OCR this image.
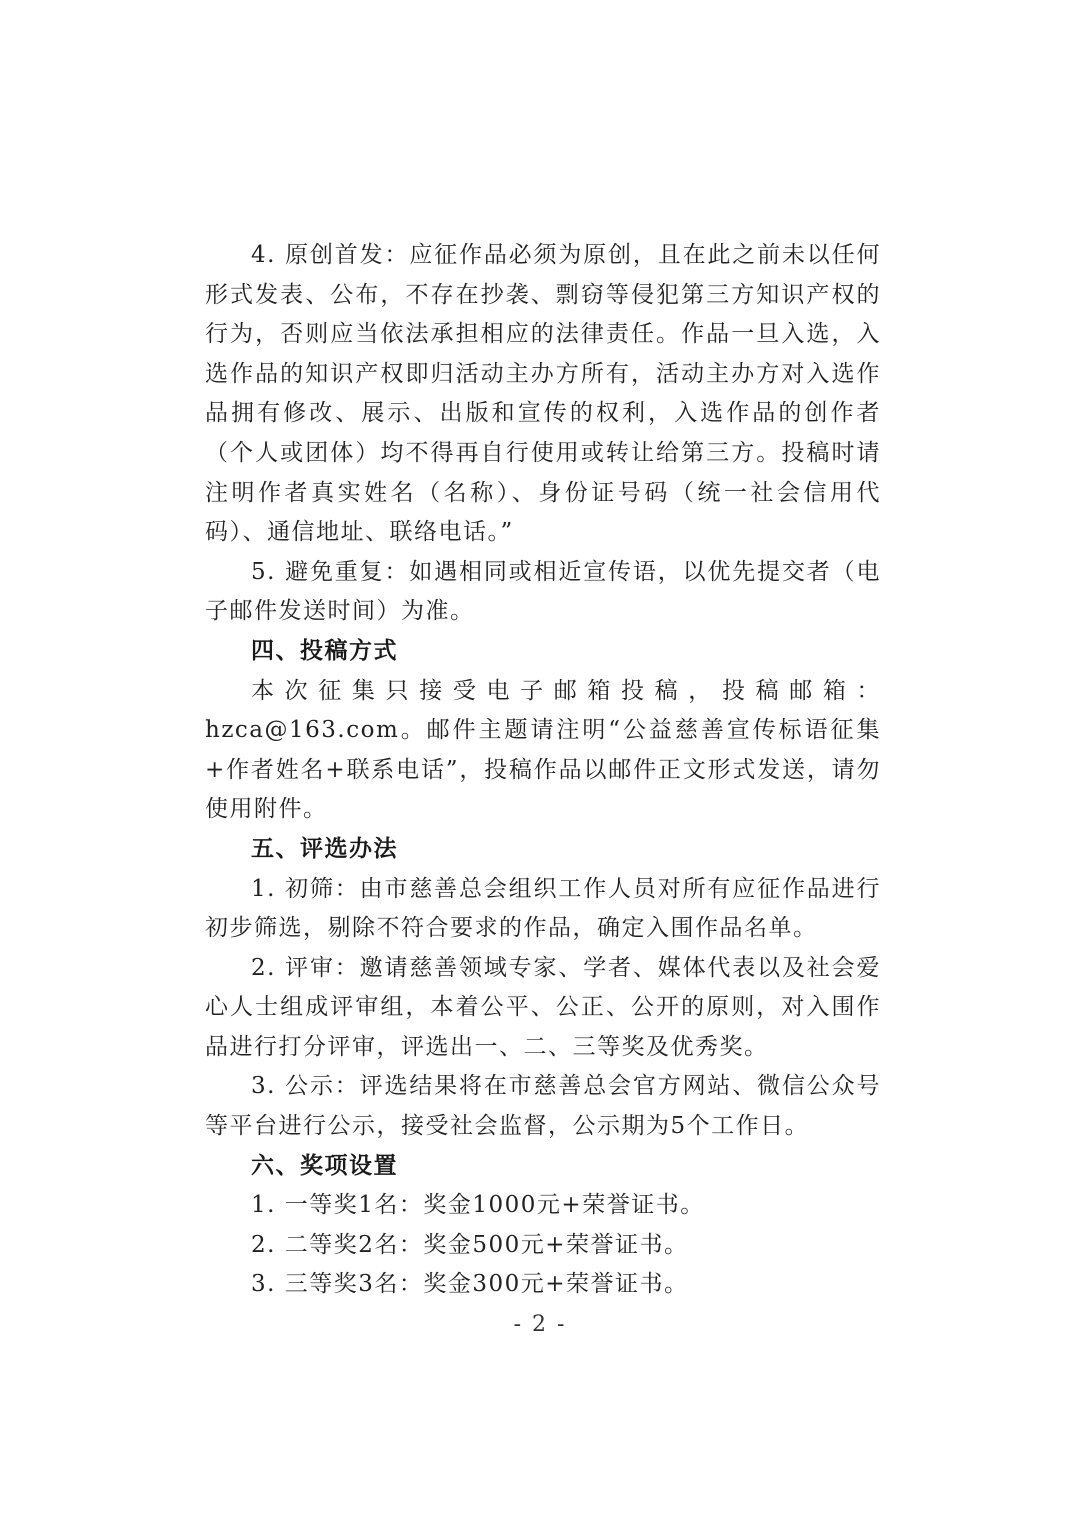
4. 原创首发：应征作品必须为原创，且在此之前未以任何形式发表、公布，不存在抄袭、剽窃等侵犯第三方知识产权的行为，否则应当依法承担相应的法律责任。作品一旦入选，入选作品的知识产权即归活动主办方所有，活动主办方对入选作品拥有修改、展示、出版和宣传的权利，入选作品的创作者（个人或团体）均不得再自行使用或转让给第三方。投稿时请注明作者真实姓名（名称）、身份证号码（统一社会信用代码）、通信地址、联络电话。”

5. 避免重复：如遇相同或相近宣传语，以优先提交者（电子邮件发送时间）为准。

四、投稿方式

本次征集只接受电子邮箱投稿，投稿邮箱：hzca@163.com。邮件主题请注明“公益慈善宣传标语征集+作者姓名+联系电话”，投稿作品以邮件正文形式发送，请勿使用附件。

五、评选办法

1. 初筛：由市慈善总会组织工作人员对所有应征作品进行初步筛选，剔除不符合要求的作品，确定入围作品名单。

2. 评审：邀请慈善领域专家、学者、媒体代表以及社会爱心人士组成评审组，本着公平、公正、公开的原则，对入围作品进行打分评审，评选出一、二、三等奖及优秀奖。

3. 公示：评选结果将在市慈善总会官方网站、微信公众号等平台进行公示，接受社会监督，公示期为5个工作日。

六、奖项设置

1. 一等奖1名：奖金1000元+荣誉证书。

2. 二等奖2名：奖金500元+荣誉证书。

3. 三等奖3名：奖金300元+荣誉证书。

- 2 -
